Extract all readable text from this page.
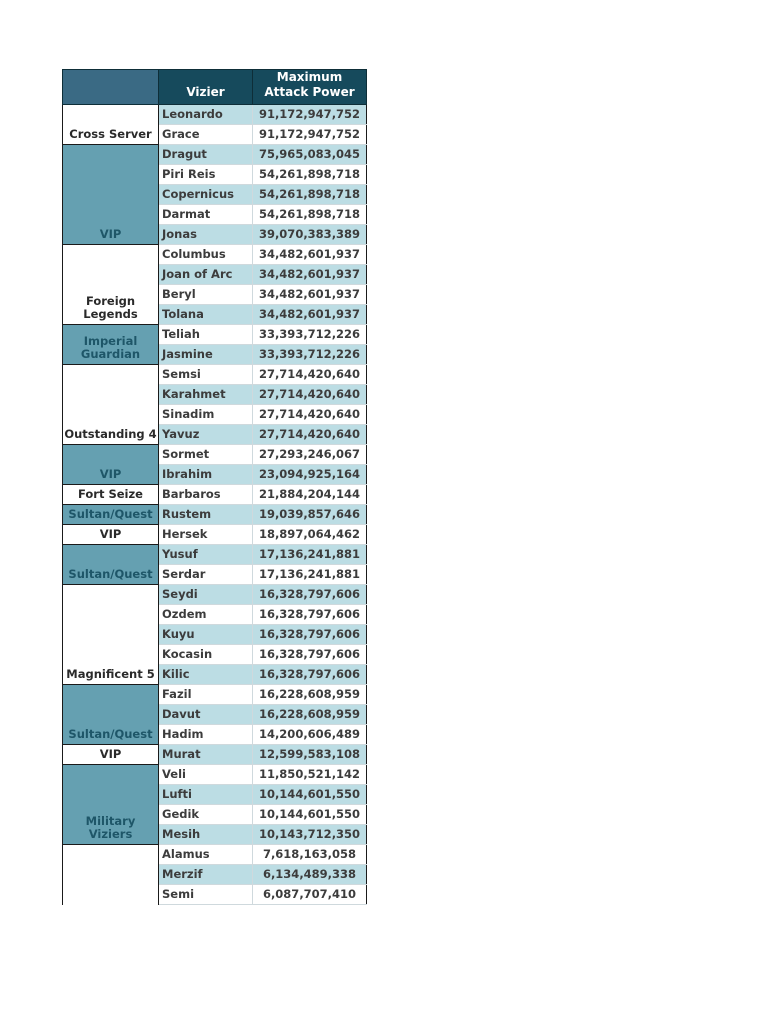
	Vizier	Maximum Attack Power
Cross Server	Leonardo	91,172,947,752
	Grace	91,172,947,752
VIP	Dragut	75,965,083,045
	Piri Reis	54,261,898,718
	Copernicus	54,261,898,718
	Darmat	54,261,898,718
	Jonas	39,070,383,389
Foreign Legends	Columbus	34,482,601,937
	Joan of Arc	34,482,601,937
	Beryl	34,482,601,937
	Tolana	34,482,601,937
Imperial Guardian	Teliah	33,393,712,226
	Jasmine	33,393,712,226
Outstanding 4	Semsi	27,714,420,640
	Karahmet	27,714,420,640
	Sinadim	27,714,420,640
	Yavuz	27,714,420,640
VIP	Sormet	27,293,246,067
	Ibrahim	23,094,925,164
Fort Seize	Barbaros	21,884,204,144
Sultan/Quest	Rustem	19,039,857,646
VIP	Hersek	18,897,064,462
Sultan/Quest	Yusuf	17,136,241,881
	Serdar	17,136,241,881
Magnificent 5	Seydi	16,328,797,606
	Ozdem	16,328,797,606
	Kuyu	16,328,797,606
	Kocasin	16,328,797,606
	Kilic	16,328,797,606
Sultan/Quest	Fazil	16,228,608,959
	Davut	16,228,608,959
	Hadim	14,200,606,489
VIP	Murat	12,599,583,108
Military Viziers	Veli	11,850,521,142
	Lufti	10,144,601,550
	Gedik	10,144,601,550
	Mesih	10,143,712,350
	Alamus	7,618,163,058
	Merzif	6,134,489,338
	Semi	6,087,707,410
